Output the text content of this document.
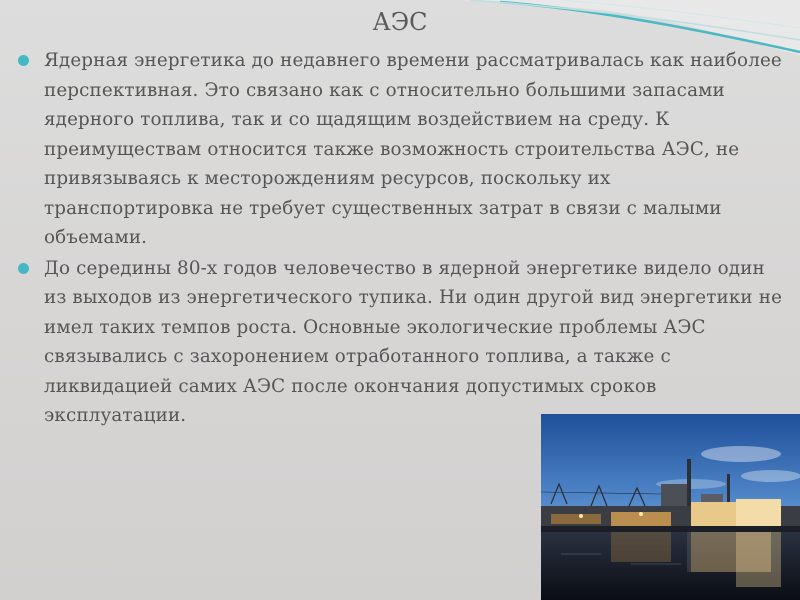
АЭС
Ядерная энергетика до недавнего времени рассматривалась как наиболее перспективная. Это связано как с относительно большими запасами ядерного топлива, так и со щадящим воздействием на среду. К преимуществам относится также возможность строительства АЭС, не привязываясь к месторождениям ресурсов, поскольку их транспортировка не требует существенных затрат в связи с малыми объемами.
До середины 80-х годов человечество в ядерной энергетике видело один из выходов из энергетического тупика. Ни один другой вид энергетики не имел таких темпов роста. Основные экологические проблемы АЭС связывались с захоронением отработанного топлива, а также с ликвидацией самих АЭС после окончания допустимых сроков эксплуатации.
